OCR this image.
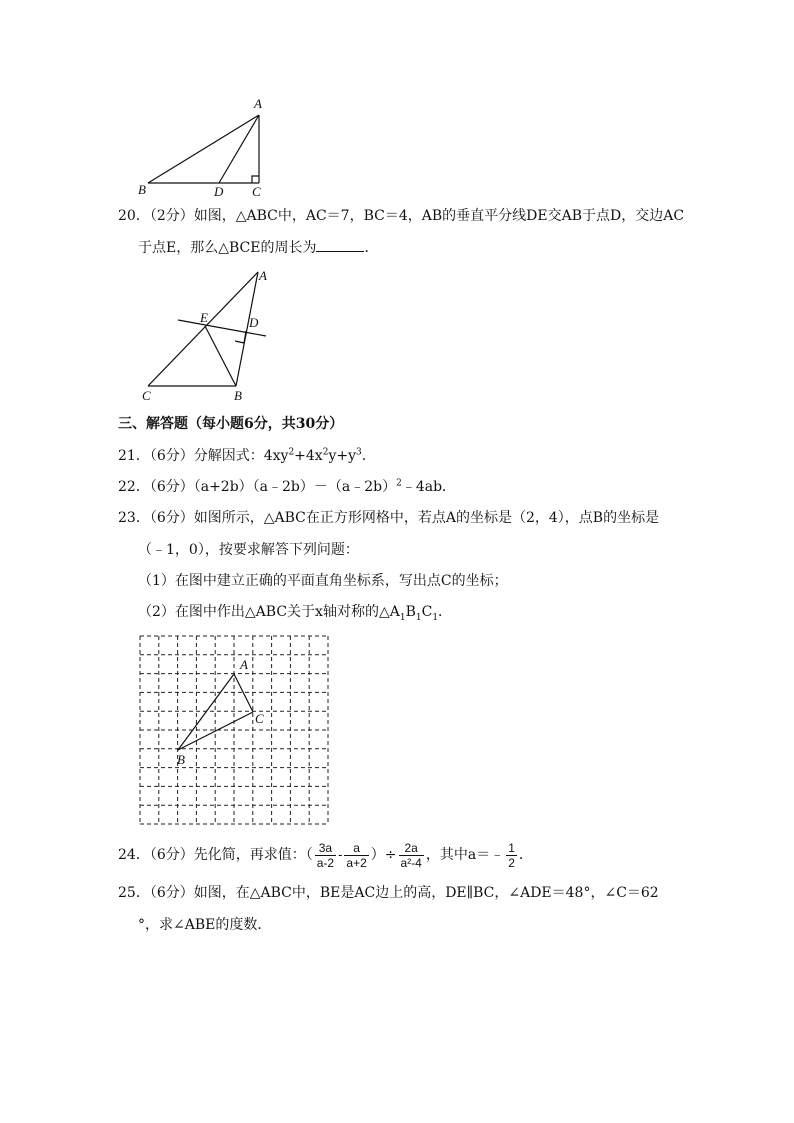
A
B	D C
20．（2分）如图，△ABC中，AC＝7，BC＝4，AB的垂直平分线DE交AB于点D，交边AC
于点E，那么△BCE的周长为	．
A
E	D
C	B
三、解答题（每小题6分，共30分）
21．（6分）分解因式：$4xy^2+4x^2y+y^3$．
22．（6分）（a+2b）（a﹣2b）－（a﹣2b）$^2$﹣4ab．
23．（6分）如图所示，△ABC在正方形网格中，若点A的坐标是（2，4），点B的坐标是
（﹣1，0），按要求解答下列问题：
（1）在图中建立正确的平面直角坐标系，写出点C的坐标；
（2）在图中作出△ABC关于x轴对称的$\triangle A_1B_1C_1$．
A
B
C
24．（6分）先化简，再求值：（ $\frac{3a}{a-2} - \frac{a}{a+2}$ ）÷ $\frac{2a}{\text{a²-4}}$ ，其中a＝﹣ $\frac{1}{2}$ ．
25．（6分）如图，在△ABC中，BE是AC边上的高，DE∥BC，∠ADE＝48°，∠C＝62
°，求∠ABE的度数．
